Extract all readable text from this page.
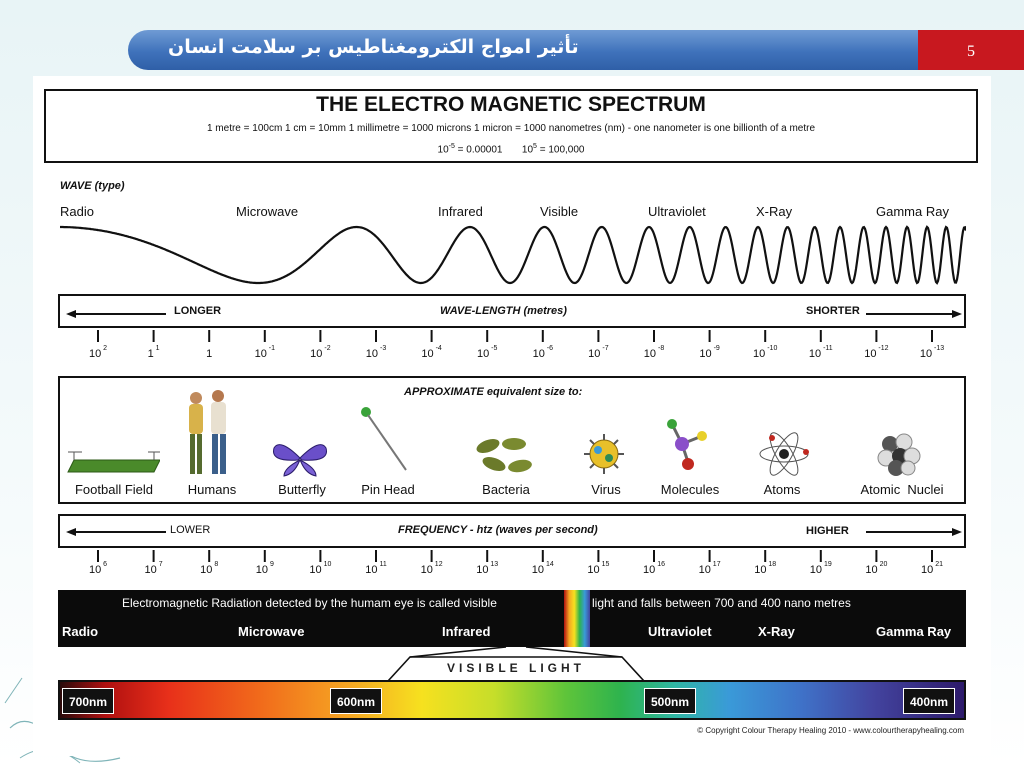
تأثیر امواج الکترومغناطیس بر سلامت انسان	5
THE ELECTRO MAGNETIC SPECTRUM
1 metre = 100cm 1 cm = 10mm 1 millimetre = 1000 microns 1 micron = 1000 nanometres (nm) - one nanometer is one billionth of a metre
$10^{-5} = 0.00001$ $10^5 = 100,000$
WAVE (type)
Radio	Microwave	Infrared	Visible	Ultraviolet	X-Ray	Gamma Ray
LONGER	WAVE-LENGTH (metres)	SHORTER
10 $^2$	1 $^1$	1	10 $^{-1}$	10 $^{-2}$	10 $^{-3}$	10 $^{-4}$	10 $^{-5}$	10 $^{-6}$	10 $^{-7}$	10 $^{-8}$	10 $^{-9}$	10 $^{-10}$	10 $^{-11}$	10 $^{-12}$	10 $^{-13}$
APPROXIMATE equivalent size to:
Football Field	Humans	Butterfly	Pin Head	Bacteria	Virus	Molecules	Atoms	Atomic  Nuclei
LOWER	FREQUENCY - htz (waves per second)	HIGHER
10 $^6$	10 $^7$	10 $^8$	10 $^9$	10 $^{10}$	10 $^{11}$	10 $^{12}$	10 $^{13}$	10 $^{14}$	10 $^{15}$	10 $^{16}$	10 $^{17}$	10 $^{18}$	10 $^{19}$	10 $^{20}$	10 $^{21}$
Electromagnetic Radiation detected by the humam eye is called visible	light and falls between 700 and 400 nano metres
Radio	Microwave	Infrared	Ultraviolet	X-Ray	Gamma Ray
VISIBLE LIGHT
700nm	600nm	500nm	400nm
© Copyright Colour Therapy Healing 2010 - www.colourtherapyhealing.com
